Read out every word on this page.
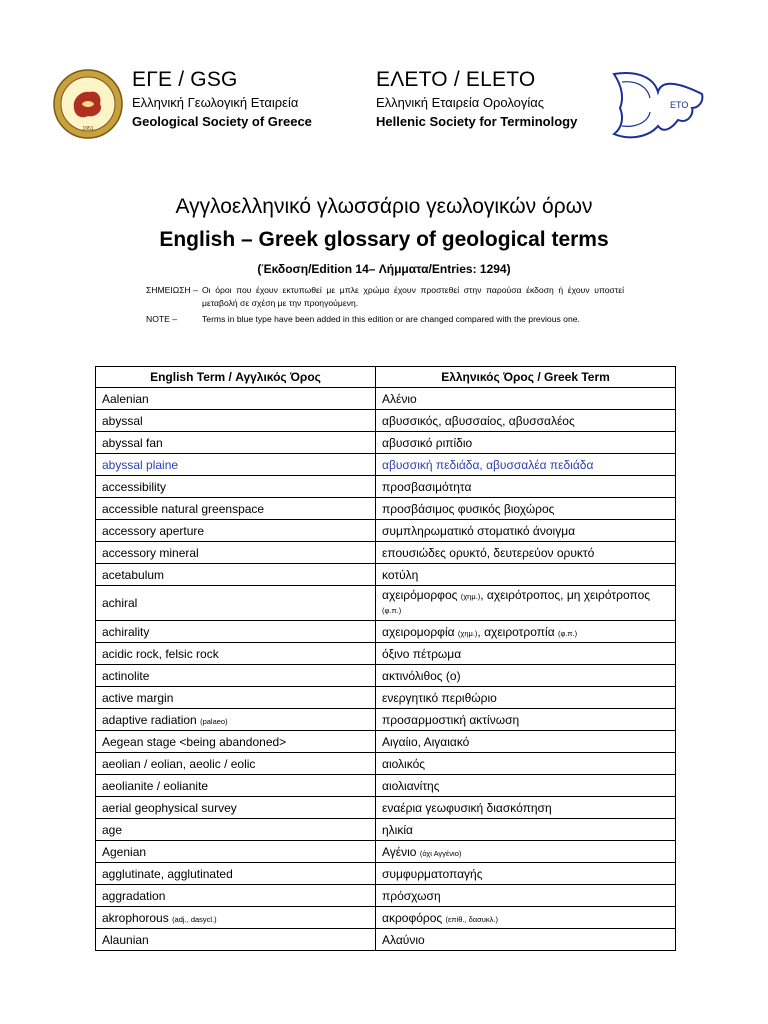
1951
ΕΓΕ / GSG
Ελληνική Γεωλογική Εταιρεία
Geological Society of Greece
ΕΛΕΤΟ / ELETO
Ελληνική Εταιρεία Ορολογίας
Hellenic Society for Terminology
ΕΤΟ
Αγγλοελληνικό γλωσσάριο γεωλογικών όρων
English – Greek glossary of geological terms
(Έκδοση/Edition 14– Λήμματα/Entries: 1294)
ΣΗΜΕΙΩΣΗ – Οι όροι που έχουν εκτυπωθεί με μπλε χρώμα έχουν προστεθεί στην παρούσα έκδοση ή έχουν υποστεί μεταβολή σε σχέση με την προηγούμενη.
NOTE –	Terms in blue type have been added in this edition or are changed compared with the previous one.
English Term / Αγγλικός Όρος	Ελληνικός Όρος / Greek Term
Aalenian	Αλένιο
abyssal	αβυσσικός, αβυσσαίος, αβυσσαλέος
abyssal fan	αβυσσικό ριπίδιο
abyssal plaine	αβυσσική πεδιάδα, αβυσσαλέα πεδιάδα
accessibility	προσβασιμότητα
accessible natural greenspace	προσβάσιμος φυσικός βιοχώρος
accessory aperture	συμπληρωματικό στοματικό άνοιγμα
accessory mineral	επουσιώδες ορυκτό, δευτερεύον ορυκτό
acetabulum	κοτύλη
achiral	αχειρόμορφος (χημ.), αχειρότροπος, μη χειρότροπος (φ.π.)
achirality	αχειρομορφία (χημ.), αχειροτροπία (φ.π.)
acidic rock, felsic rock	όξινο πέτρωμα
actinolite	ακτινόλιθος (ο)
active margin	ενεργητικό περιθώριο
adaptive radiation (palaeo)	προσαρμοστική ακτίνωση
Aegean stage <being abandoned>	Αιγαίιο, Αιγαιακό
aeolian / eolian, aeolic / eolic	αιολικός
aeolianite / eolianite	αιολιανίτης
aerial geophysical survey	εναέρια γεωφυσική διασκόπηση
age	ηλικία
Agenian	Αγένιο (όχι Αγγένιο)
agglutinate, agglutinated	συμφυρματοπαγής
aggradation	πρόσχωση
akrophorous (adj., dasycl.)	ακροφόρος (επίθ., δασυκλ.)
Alaunian	Αλαύνιο
